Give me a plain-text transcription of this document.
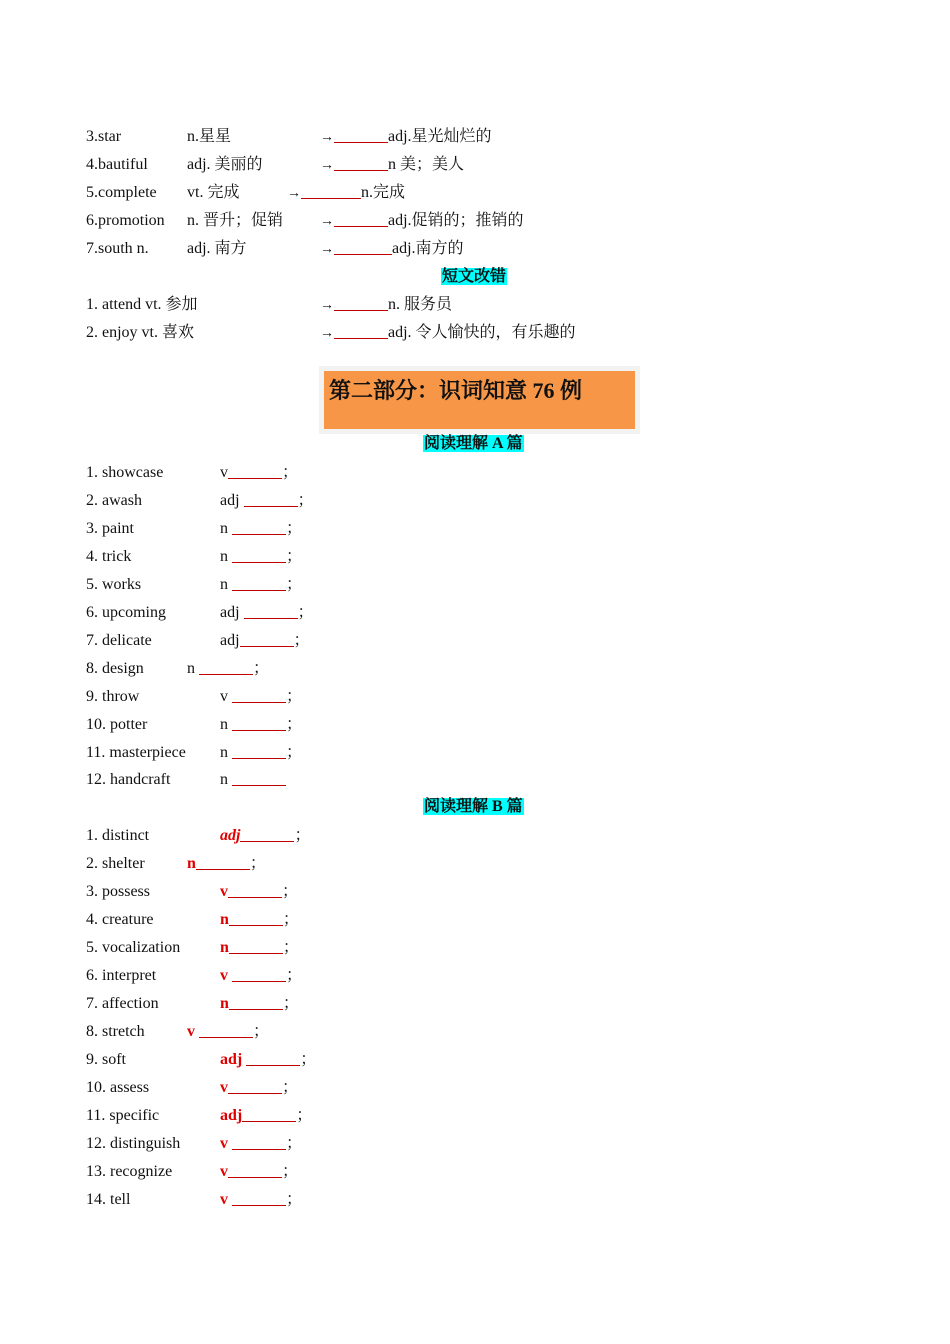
3.star	n.星星	→	adj.星光灿烂的
4.bautiful adj. 美丽的	→	n 美；美人
5.complete vt. 完成	→	n.完成
6.promotion n. 晋升；促销	→	adj.促销的；推销的
7.south n. adj. 南方	→	adj.南方的
短文改错
1. attend vt. 参加	→	n. 服务员
2. enjoy vt. 喜欢	→	adj. 令人愉快的，有乐趣的
第二部分：识词知意 76 例
阅读理解 A 篇
1. showcase	v	；
2. awash	adj	；
3. paint	n	；
4. trick	n	；
5. works	n	；
6. upcoming	adj	；
7. delicate	adj	；
8. design	n	；
9. throw	v	；
10. potter	n	；
11. masterpiece n	；
12. handcraft	n
阅读理解 B 篇
1. distinct	adj	；
2. shelter	n	；
3. possess	v	；
4. creature	n	；
5. vocalization n	；
6. interpret	v	；
7. affection	n	；
8. stretch	v	；
9. soft	adj	；
10. assess	v	；
11. specific	adj	；
12. distinguish v	；
13. recognize	v	；
14. tell	v	；
